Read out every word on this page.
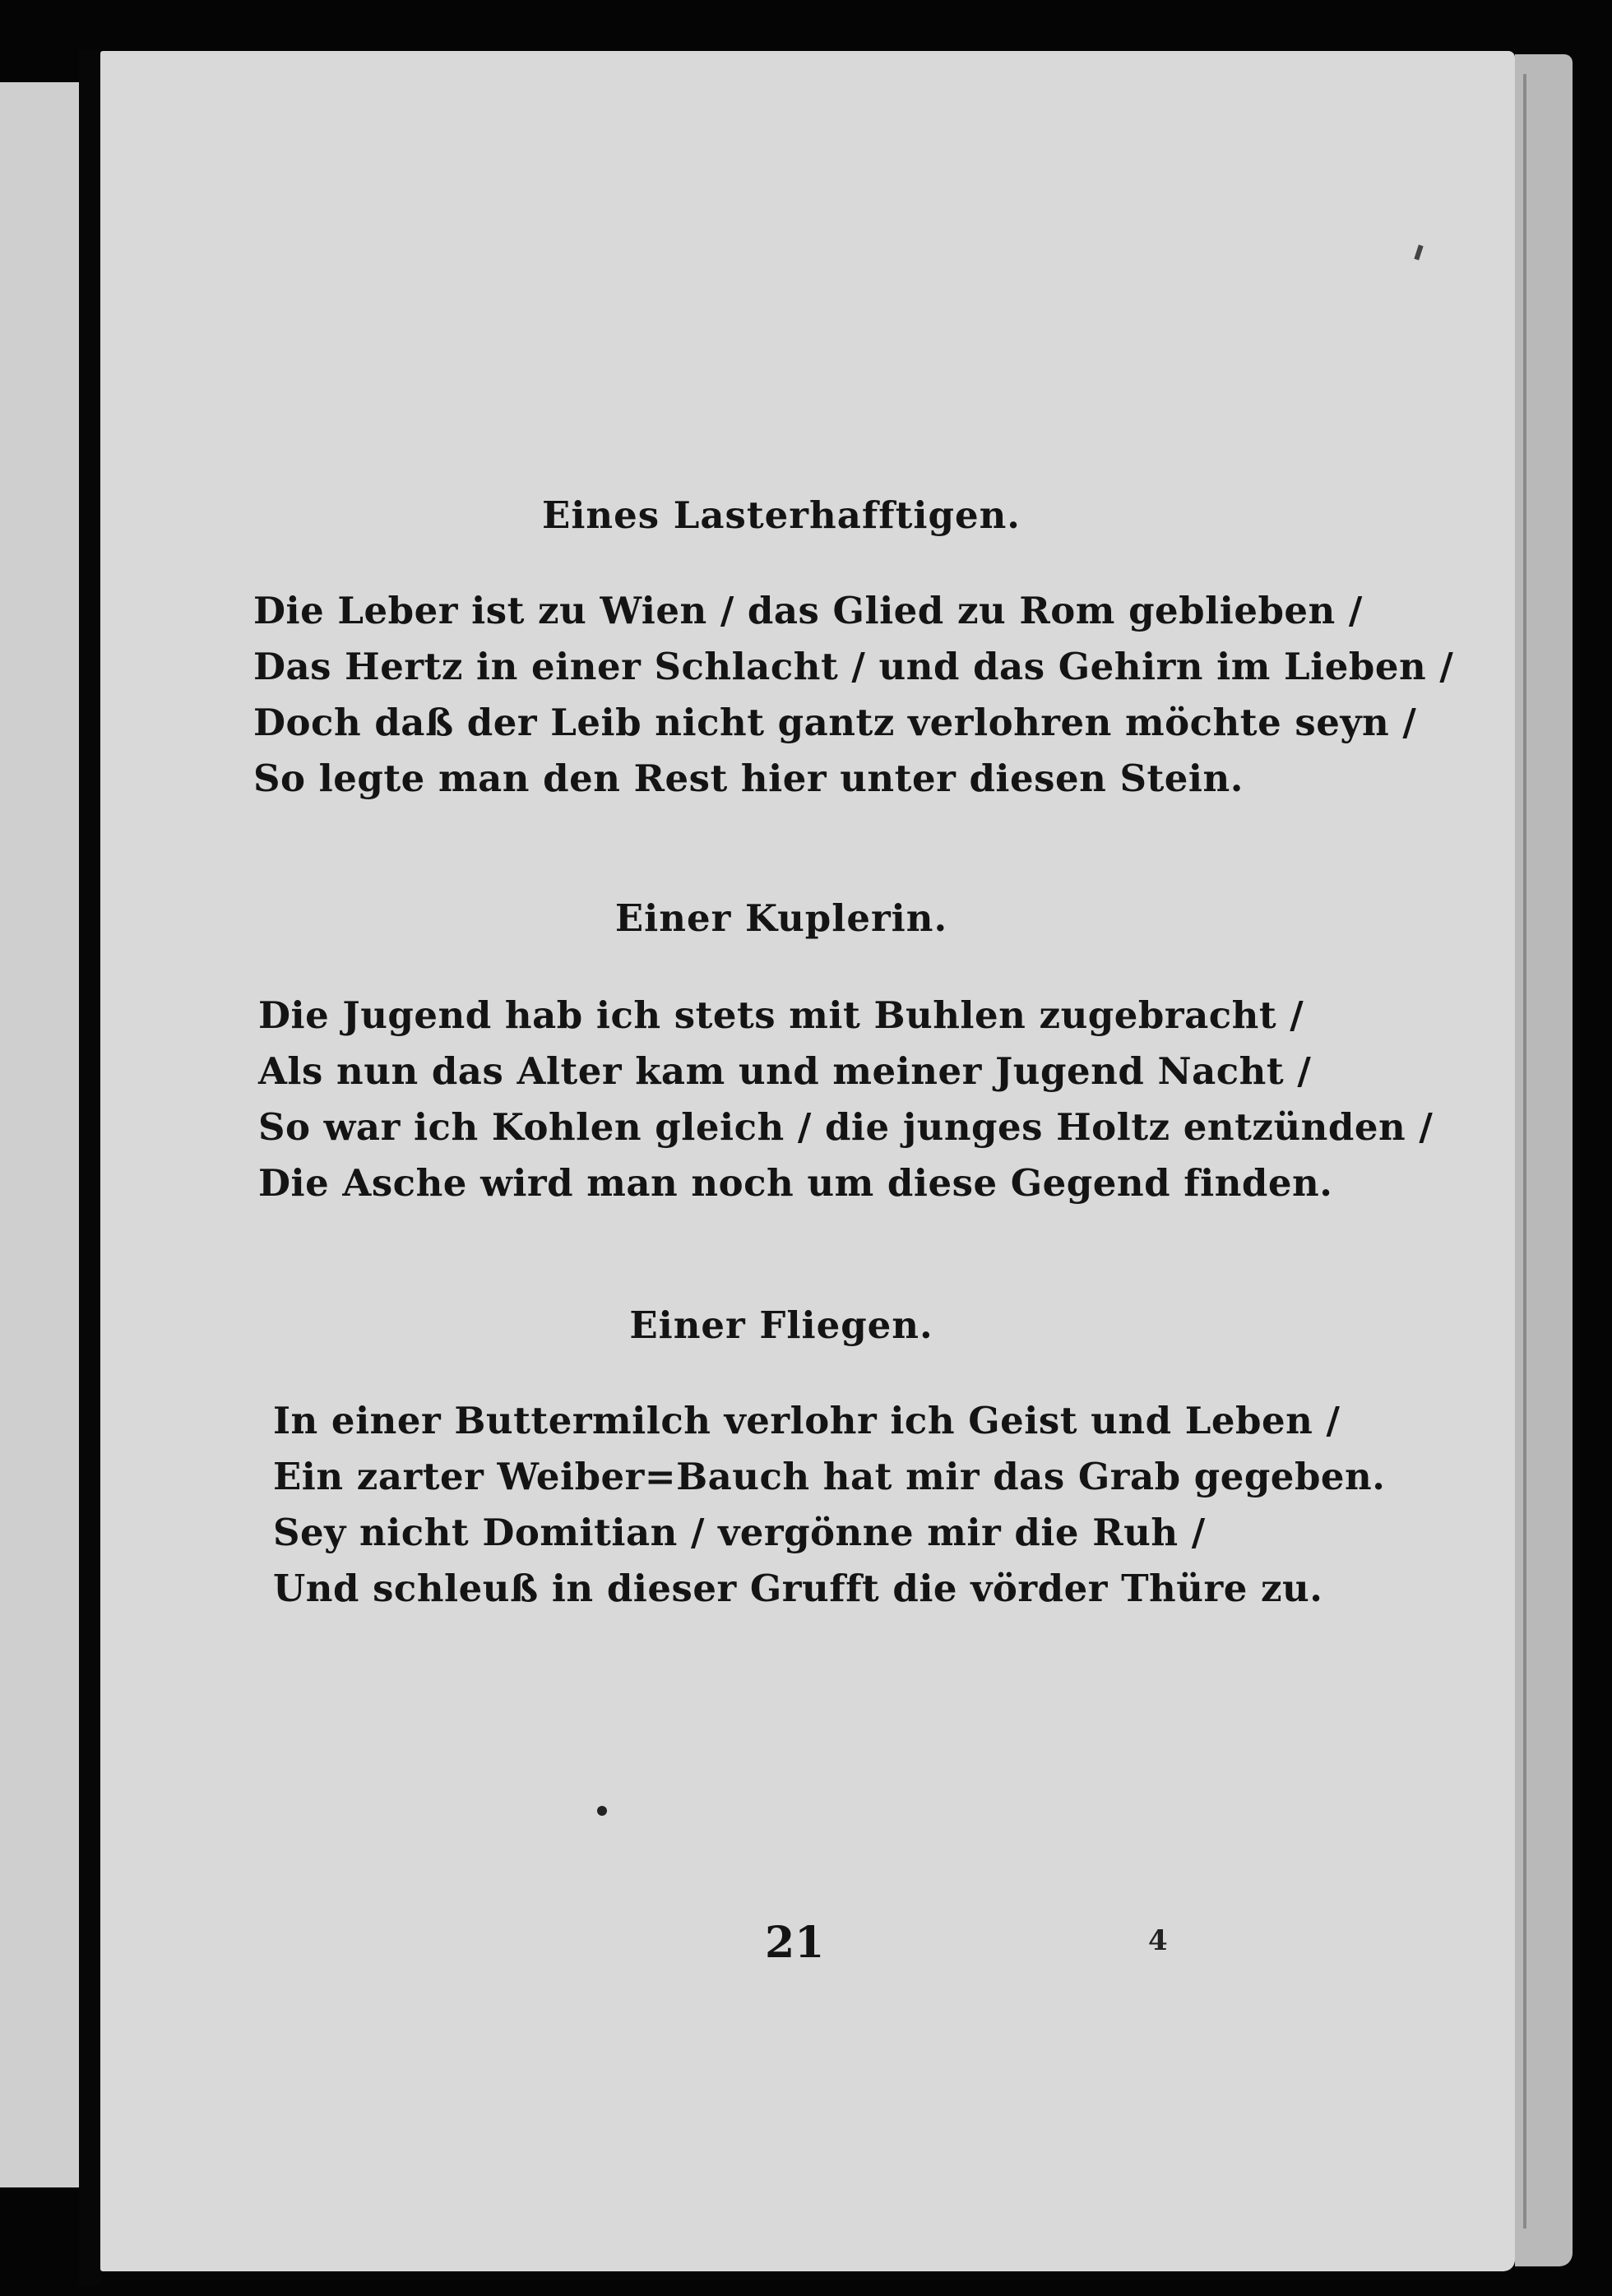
Eines Lasterhafftigen.
Die Leber ist zu Wien / das Glied zu Rom geblieben /
Das Hertz in einer Schlacht / und das Gehirn im Lieben /
Doch daß der Leib nicht gantz verlohren möchte seyn /
So legte man den Rest hier unter diesen Stein.
Einer Kuplerin.
Die Jugend hab ich stets mit Buhlen zugebracht /
Als nun das Alter kam und meiner Jugend Nacht /
So war ich Kohlen gleich / die junges Holtz entzünden /
Die Asche wird man noch um diese Gegend finden.
Einer Fliegen.
In einer Buttermilch verlohr ich Geist und Leben /
Ein zarter Weiber=Bauch hat mir das Grab gegeben.
Sey nicht Domitian / vergönne mir die Ruh /
Und schleuß in dieser Grufft die vörder Thüre zu.
21	4
